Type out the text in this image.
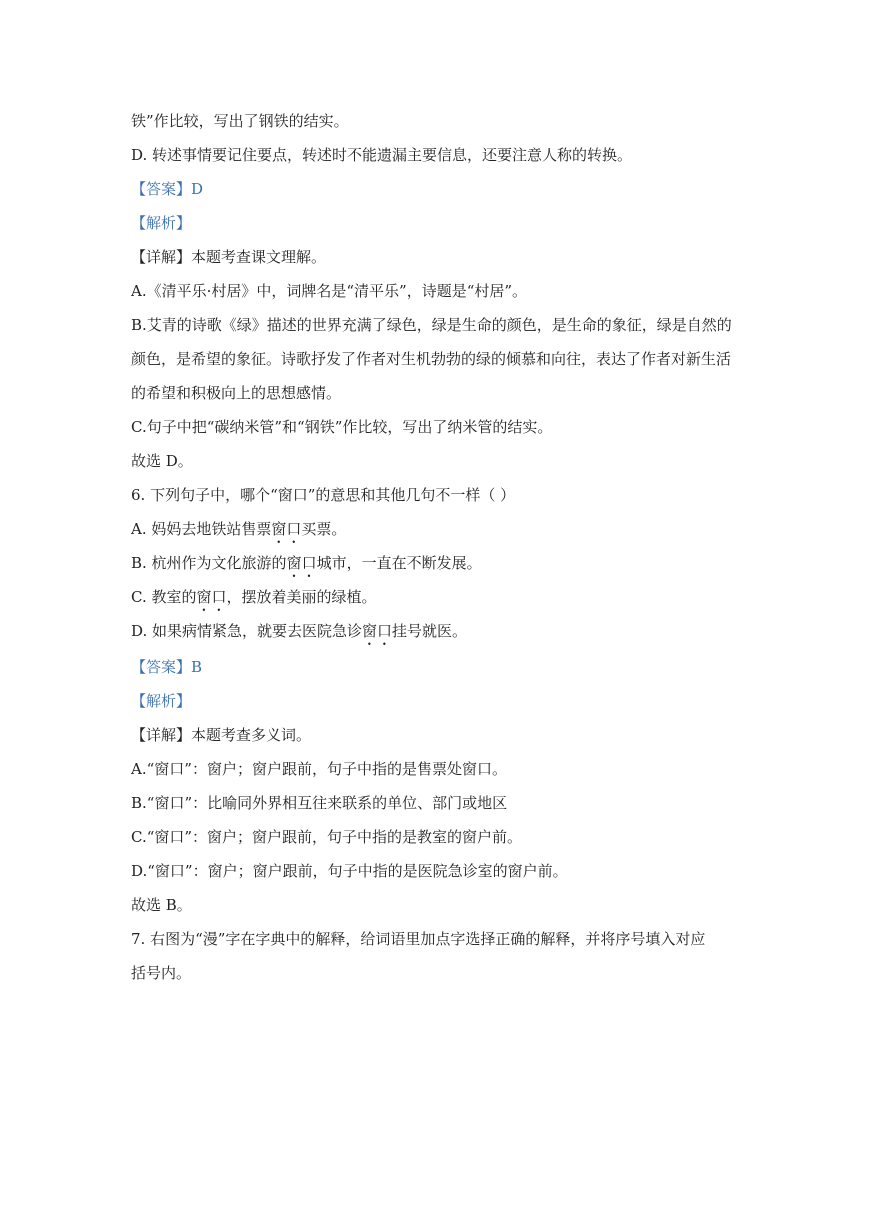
铁”作比较，写出了钢铁的结实。
D. 转述事情要记住要点，转述时不能遗漏主要信息，还要注意人称的转换。
【答案】D
【解析】
【详解】本题考查课文理解。
A.《清平乐·村居》中，词牌名是“清平乐”，诗题是“村居”。
B.艾青的诗歌《绿》描述的世界充满了绿色，绿是生命的颜色，是生命的象征，绿是自然的
颜色，是希望的象征。诗歌抒发了作者对生机勃勃的绿的倾慕和向往，表达了作者对新生活
的希望和积极向上的思想感情。
C.句子中把“碳纳米管”和“钢铁”作比较，写出了纳米管的结实。
故选 D。
6. 下列句子中，哪个“窗口”的意思和其他几句不一样（ ）
A. 妈妈去地铁站售票窗口买票。
B. 杭州作为文化旅游的窗口城市，一直在不断发展。
C. 教室的窗口，摆放着美丽的绿植。
D. 如果病情紧急，就要去医院急诊窗口挂号就医。
【答案】B
【解析】
【详解】本题考查多义词。
A.“窗口”：窗户；窗户跟前，句子中指的是售票处窗口。
B.“窗口”：比喻同外界相互往来联系的单位、部门或地区
C.“窗口”：窗户；窗户跟前，句子中指的是教室的窗户前。
D.“窗口”：窗户；窗户跟前，句子中指的是医院急诊室的窗户前。
故选 B。
7. 右图为“漫”字在字典中的解释，给词语里加点字选择正确的解释，并将序号填入对应
括号内。
